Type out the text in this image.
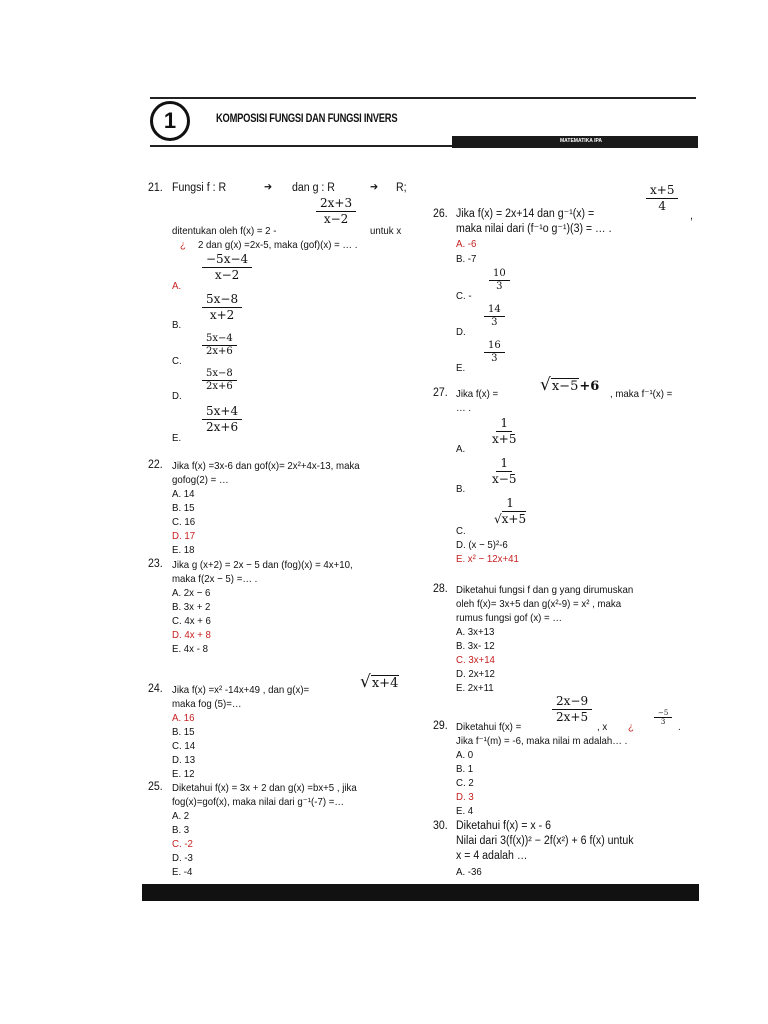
1	KOMPOSISI FUNGSI DAN FUNGSI INVERS
MATEMATIKA IPA
21. Fungsi f : R	➔ dan g : R	➔ R;
$\frac{2x+3}{x-2}$
ditentukan oleh f(x) = 2 -	untuk x
¿ 2 dan g(x) =2x-5, maka (gof)(x) = … .
A.
$\frac{-5x-4}{x-2}$
B.
$\frac{5x-8}{x+2}$
C.
$\frac{5x-4}{2x+6}$
D.
$\frac{5x-8}{2x+6}$
E.
$\frac{5x+4}{2x+6}$
22. Jika f(x) =3x-6 dan gof(x)= 2x²+4x-13, maka
gofog(2) = …
A. 14
B. 15
C. 16
D. 17
E. 18
23. Jika g (x+2) = 2x − 5 dan (fog)(x) = 4x+10,
maka f(2x − 5) =… .
A. 2x − 6
B. 3x + 2
C. 4x + 6
D. 4x + 8
E. 4x - 8
24. Jika f(x) =x² -14x+49 , dan g(x)=	√x+4
maka fog (5)=…
A. 16
B. 15
C. 14
D. 13
E. 12
25. Diketahui f(x) = 3x + 2 dan g(x) =bx+5 , jika
fog(x)=gof(x), maka nilai dari g⁻¹(-7) =…
A. 2
B. 3
C. -2
D. -3
E. -4
$\frac{x+5}{4}$
26. Jika f(x) = 2x+14 dan g⁻¹(x) =	,
maka nilai dari (f⁻¹o g⁻¹)(3) = … .
A. -6
B. -7
C. -
$\frac{10}{3}$
D.
$\frac{14}{3}$
E.
$\frac{16}{3}$
27. Jika f(x) = √x−5+6 , maka f⁻¹(x) =
… .
A.
$\frac{1}{x+5}$
B.
$\frac{1}{x-5}$
C.
$\frac{1}{√x+5}$
D. (x − 5)²-6
E. x² − 12x+41
28. Diketahui fungsi f dan g yang dirumuskan
oleh f(x)= 3x+5 dan g(x²-9) = x² , maka
rumus fungsi gof (x) = …
A. 3x+13
B. 3x- 12
C. 3x+14
D. 2x+12
E. 2x+11
$\frac{2x-9}{2x+5}$
29. Diketahui f(x) =	, x ¿
$\frac{-5}{3}$
.
Jika f⁻¹(m) = -6, maka nilai m adalah… .
A. 0
B. 1
C. 2
D. 3
E. 4
30. Diketahui f(x) = x - 6
Nilai dari 3(f(x))² − 2f(x²) + 6 f(x) untuk
x = 4 adalah …
A. -36
